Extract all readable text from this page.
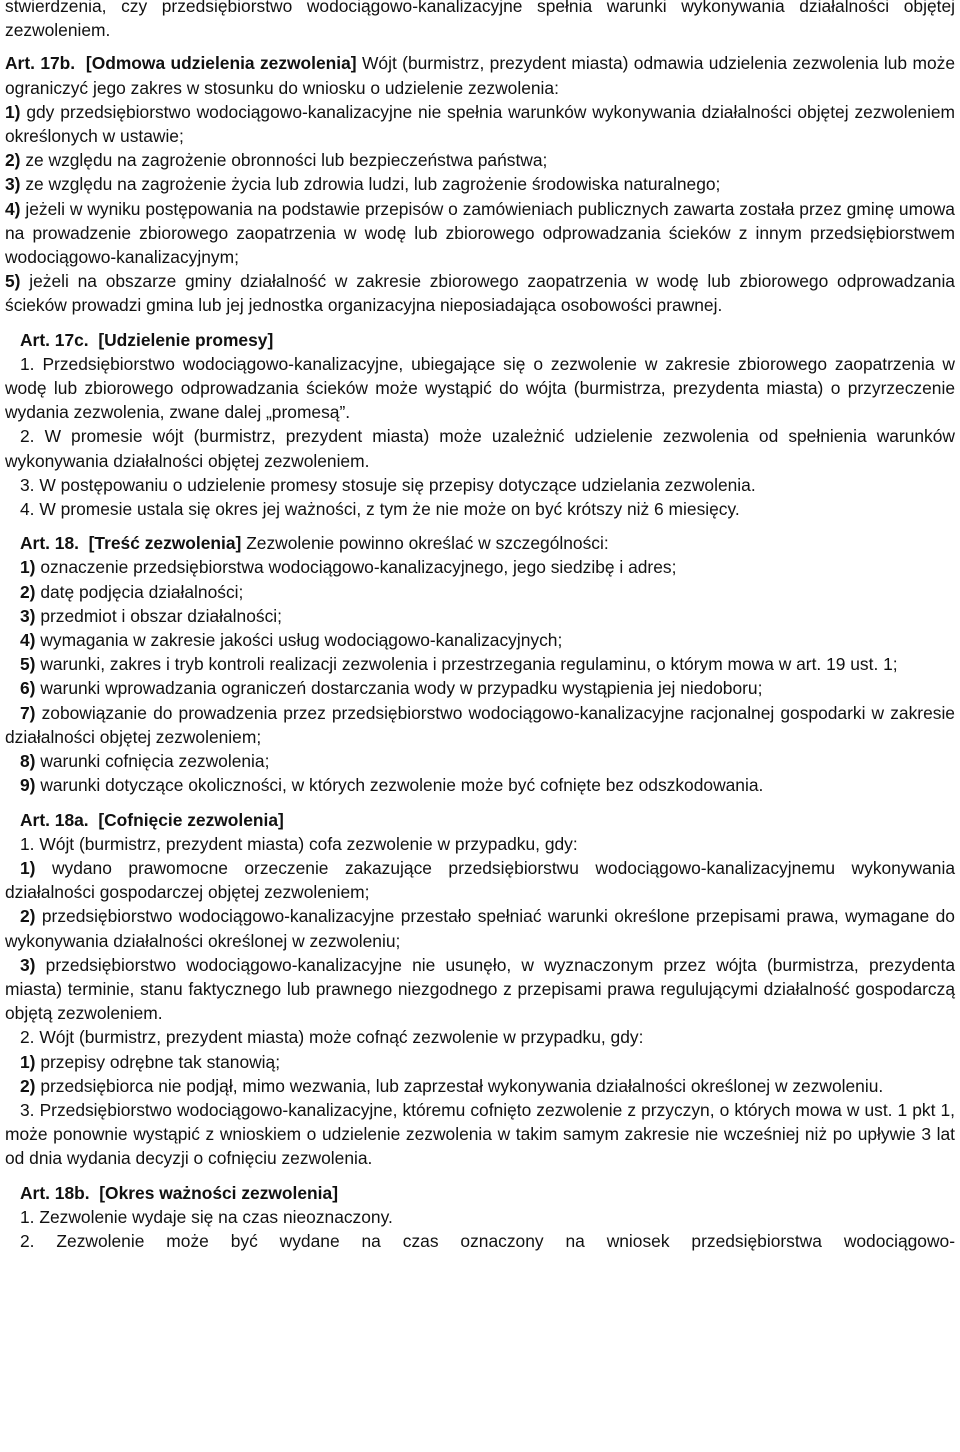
stwierdzenia, czy przedsiębiorstwo wodociągowo-kanalizacyjne spełnia warunki wykonywania działalności objętej zezwoleniem.

Art. 17b. [Odmowa udzielenia zezwolenia] Wójt (burmistrz, prezydent miasta) odmawia udzielenia zezwolenia lub może ograniczyć jego zakres w stosunku do wniosku o udzielenie zezwolenia:

1) gdy przedsiębiorstwo wodociągowo-kanalizacyjne nie spełnia warunków wykonywania działalności objętej zezwoleniem określonych w ustawie;

2) ze względu na zagrożenie obronności lub bezpieczeństwa państwa;

3) ze względu na zagrożenie życia lub zdrowia ludzi, lub zagrożenie środowiska naturalnego;

4) jeżeli w wyniku postępowania na podstawie przepisów o zamówieniach publicznych zawarta została przez gminę umowa na prowadzenie zbiorowego zaopatrzenia w wodę lub zbiorowego odprowadzania ścieków z innym przedsiębiorstwem wodociągowo-kanalizacyjnym;

5) jeżeli na obszarze gminy działalność w zakresie zbiorowego zaopatrzenia w wodę lub zbiorowego odprowadzania ścieków prowadzi gmina lub jej jednostka organizacyjna nieposiadająca osobowości prawnej.

Art. 17c. [Udzielenie promesy]

1. Przedsiębiorstwo wodociągowo-kanalizacyjne, ubiegające się o zezwolenie w zakresie zbiorowego zaopatrzenia w wodę lub zbiorowego odprowadzania ścieków może wystąpić do wójta (burmistrza, prezydenta miasta) o przyrzeczenie wydania zezwolenia, zwane dalej „promesą”.

2. W promesie wójt (burmistrz, prezydent miasta) może uzależnić udzielenie zezwolenia od spełnienia warunków wykonywania działalności objętej zezwoleniem.

3. W postępowaniu o udzielenie promesy stosuje się przepisy dotyczące udzielania zezwolenia.

4. W promesie ustala się okres jej ważności, z tym że nie może on być krótszy niż 6 miesięcy.

Art. 18. [Treść zezwolenia] Zezwolenie powinno określać w szczególności:

1) oznaczenie przedsiębiorstwa wodociągowo-kanalizacyjnego, jego siedzibę i adres;

2) datę podjęcia działalności;

3) przedmiot i obszar działalności;

4) wymagania w zakresie jakości usług wodociągowo-kanalizacyjnych;

5) warunki, zakres i tryb kontroli realizacji zezwolenia i przestrzegania regulaminu, o którym mowa w art. 19 ust. 1;

6) warunki wprowadzania ograniczeń dostarczania wody w przypadku wystąpienia jej niedoboru;

7) zobowiązanie do prowadzenia przez przedsiębiorstwo wodociągowo-kanalizacyjne racjonalnej gospodarki w zakresie działalności objętej zezwoleniem;

8) warunki cofnięcia zezwolenia;

9) warunki dotyczące okoliczności, w których zezwolenie może być cofnięte bez odszkodowania.

Art. 18a. [Cofnięcie zezwolenia]

1. Wójt (burmistrz, prezydent miasta) cofa zezwolenie w przypadku, gdy:

1) wydano prawomocne orzeczenie zakazujące przedsiębiorstwu wodociągowo-kanalizacyjnemu wykonywania działalności gospodarczej objętej zezwoleniem;

2) przedsiębiorstwo wodociągowo-kanalizacyjne przestało spełniać warunki określone przepisami prawa, wymagane do wykonywania działalności określonej w zezwoleniu;

3) przedsiębiorstwo wodociągowo-kanalizacyjne nie usunęło, w wyznaczonym przez wójta (burmistrza, prezydenta miasta) terminie, stanu faktycznego lub prawnego niezgodnego z przepisami prawa regulującymi działalność gospodarczą objętą zezwoleniem.

2. Wójt (burmistrz, prezydent miasta) może cofnąć zezwolenie w przypadku, gdy:

1) przepisy odrębne tak stanowią;

2) przedsiębiorca nie podjął, mimo wezwania, lub zaprzestał wykonywania działalności określonej w zezwoleniu.

3. Przedsiębiorstwo wodociągowo-kanalizacyjne, któremu cofnięto zezwolenie z przyczyn, o których mowa w ust. 1 pkt 1, może ponownie wystąpić z wnioskiem o udzielenie zezwolenia w takim samym zakresie nie wcześniej niż po upływie 3 lat od dnia wydania decyzji o cofnięciu zezwolenia.

Art. 18b. [Okres ważności zezwolenia]

1. Zezwolenie wydaje się na czas nieoznaczony.

2. Zezwolenie może być wydane na czas oznaczony na wniosek przedsiębiorstwa wodociągowo-
